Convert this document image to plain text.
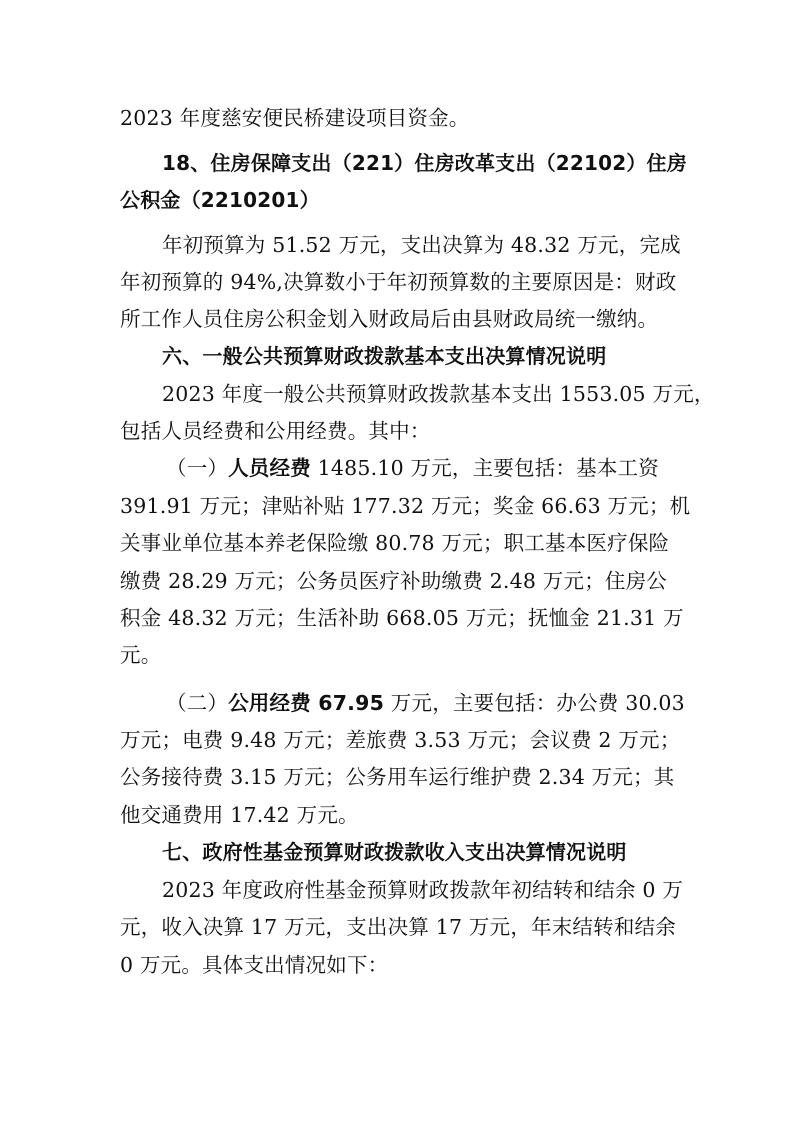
2023 年度慈安便民桥建设项目资金。
18、住房保障支出（221）住房改革支出（22102）住房
公积金（2210201）
年初预算为 51.52 万元，支出决算为 48.32 万元，完成
年初预算的 94%,决算数小于年初预算数的主要原因是：财政
所工作人员住房公积金划入财政局后由县财政局统一缴纳。
六、一般公共预算财政拨款基本支出决算情况说明
2023 年度一般公共预算财政拨款基本支出 1553.05 万元，
包括人员经费和公用经费。其中：
（一）人员经费 1485.10 万元，主要包括：基本工资
391.91 万元；津贴补贴 177.32 万元；奖金 66.63 万元；机
关事业单位基本养老保险缴 80.78 万元；职工基本医疗保险
缴费 28.29 万元；公务员医疗补助缴费 2.48 万元；住房公
积金 48.32 万元；生活补助 668.05 万元；抚恤金 21.31 万
元。
（二）公用经费 67.95 万元，主要包括：办公费 30.03
万元；电费 9.48 万元；差旅费 3.53 万元；会议费 2 万元；
公务接待费 3.15 万元；公务用车运行维护费 2.34 万元；其
他交通费用 17.42 万元。
七、政府性基金预算财政拨款收入支出决算情况说明
2023 年度政府性基金预算财政拨款年初结转和结余 0 万
元，收入决算 17 万元，支出决算 17 万元，年末结转和结余
0 万元。具体支出情况如下：
